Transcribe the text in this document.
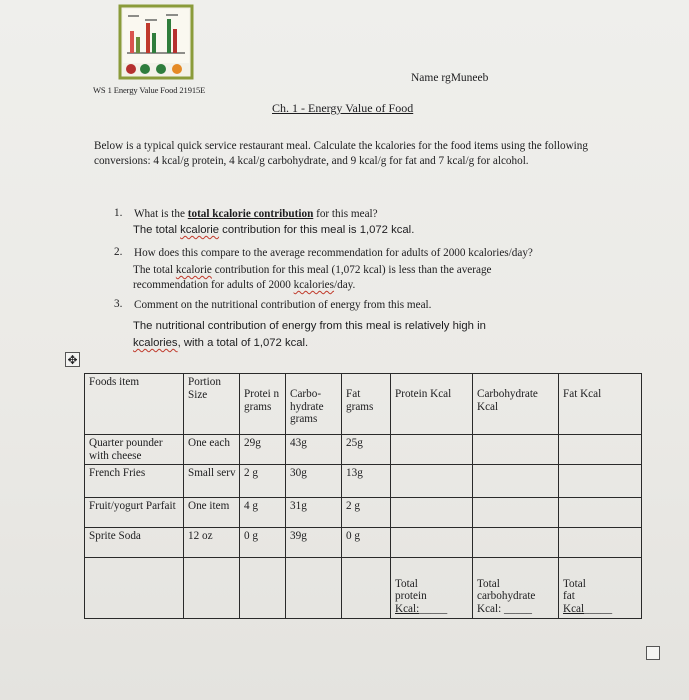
Name rgMuneeb
WS 1 Energy Value Food 21915E
Ch. 1 - Energy Value of Food
Below is a typical quick service restaurant meal. Calculate the kcalories for the food items using the following conversions: 4 kcal/g protein, 4 kcal/g carbohydrate, and 9 kcal/g for fat and 7 kcal/g for alcohol.
1. What is the total kcalorie contribution for this meal?
The total kcalorie contribution for this meal is 1,072 kcal.
2. How does this compare to the average recommendation for adults of 2000 kcalories/day?
The total kcalorie contribution for this meal (1,072 kcal) is less than the average
recommendation for adults of 2000 kcalories/day.
3. Comment on the nutritional contribution of energy from this meal.
The nutritional contribution of energy from this meal is relatively high in
kcalories, with a total of 1,072 kcal.
✥
Foods item	Portion Size	Protei n grams	Carbo- hydrate grams	Fat grams	Protein Kcal	Carbohydrate Kcal	Fat Kcal
Quarter pounder with cheese	One each	29g	43g	25g			
French Fries	Small serv	2 g	30g	13g			
Fruit/yogurt Parfait	One item	4 g	31g	2 g			
Sprite Soda	12 oz	0 g	39g	0 g			
					Total
protein
Kcal:_____	Total
carbohydrate
Kcal: _____	Total
fat
Kcal_____
